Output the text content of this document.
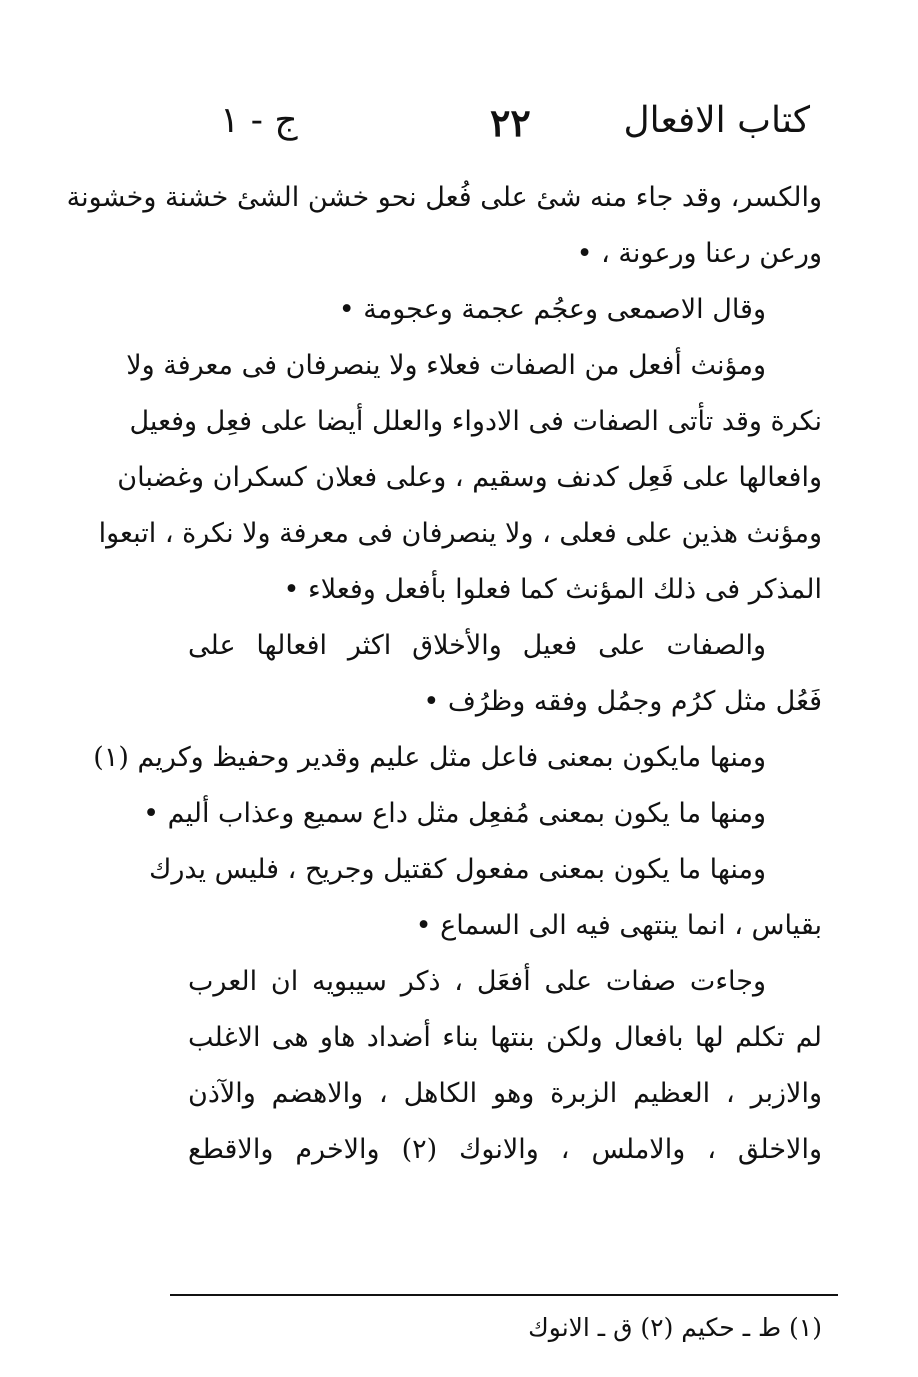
كتاب الافعال
٢٢
ج - ١
والكسر، وقد جاء منه شئ على فُعل نحو خشن الشئ خشنة وخشونة
ورعن رعنا ورعونة ، •
وقال الاصمعى وعجُم عجمة وعجومة •
ومؤنث أفعل من الصفات فعلاء ولا ينصرفان فى معرفة ولا
نكرة وقد تأتى الصفات فى الادواء والعلل أيضا على فعِل وفعيل
وافعالها على فَعِل كدنف وسقيم ، وعلى فعلان كسكران وغضبان
ومؤنث هذين على فعلى ، ولا ينصرفان فى معرفة ولا نكرة ، اتبعوا
المذكر فى ذلك المؤنث كما فعلوا بأفعل وفعلاء •
والصفات على فعيل والأخلاق اكثر افعالها على
فَعُل مثل كرُم وجمُل وفقه وظرُف •
ومنها مايكون بمعنى فاعل مثل عليم وقدير وحفيظ وكريم (١)
ومنها ما يكون بمعنى مُفعِل مثل داع سميع وعذاب أليم •
ومنها ما يكون بمعنى مفعول كقتيل وجريح ، فليس يدرك
بقياس ، انما ينتهى فيه الى السماع •
وجاءت صفات على أفعَل ، ذكر سيبويه ان العرب
لم تكلم لها بافعال ولكن بنتها بناء أضداد هاو هى الاغلب
والازبر ، العظيم الزبرة وهو الكاهل ، والاهضم والآذن
والاخلق ، والاملس ، والانوك (٢) والاخرم والاقطع
(١) ط ـ حكيم (٢) ق ـ الانوك
